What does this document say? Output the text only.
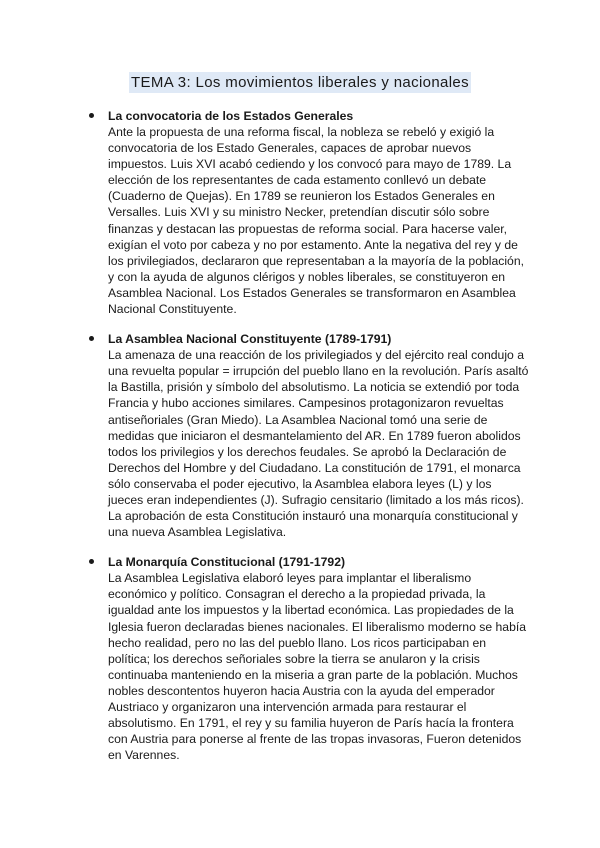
TEMA 3: Los movimientos liberales y nacionales
La convocatoria de los Estados Generales
Ante la propuesta de una reforma fiscal, la nobleza se rebeló y exigió la
convocatoria de los Estado Generales, capaces de aprobar nuevos
impuestos. Luis XVI acabó cediendo y los convocó para mayo de 1789. La
elección de los representantes de cada estamento conllevó un debate
(Cuaderno de Quejas). En 1789 se reunieron los Estados Generales en
Versalles. Luis XVI y su ministro Necker, pretendían discutir sólo sobre
finanzas y destacan las propuestas de reforma social. Para hacerse valer,
exigían el voto por cabeza y no por estamento. Ante la negativa del rey y de
los privilegiados, declararon que representaban a la mayoría de la población,
y con la ayuda de algunos clérigos y nobles liberales, se constituyeron en
Asamblea Nacional. Los Estados Generales se transformaron en Asamblea
Nacional Constituyente.
La Asamblea Nacional Constituyente (1789-1791)
La amenaza de una reacción de los privilegiados y del ejército real condujo a
una revuelta popular = irrupción del pueblo llano en la revolución. París asaltó
la Bastilla, prisión y símbolo del absolutismo. La noticia se extendió por toda
Francia y hubo acciones similares. Campesinos protagonizaron revueltas
antiseñoriales (Gran Miedo). La Asamblea Nacional tomó una serie de
medidas que iniciaron el desmantelamiento del AR. En 1789 fueron abolidos
todos los privilegios y los derechos feudales. Se aprobó la Declaración de
Derechos del Hombre y del Ciudadano. La constitución de 1791, el monarca
sólo conservaba el poder ejecutivo, la Asamblea elabora leyes (L) y los
jueces eran independientes (J). Sufragio censitario (limitado a los más ricos).
La aprobación de esta Constitución instauró una monarquía constitucional y
una nueva Asamblea Legislativa.
La Monarquía Constitucional (1791-1792)
La Asamblea Legislativa elaboró leyes para implantar el liberalismo
económico y político. Consagran el derecho a la propiedad privada, la
igualdad ante los impuestos y la libertad económica. Las propiedades de la
Iglesia fueron declaradas bienes nacionales. El liberalismo moderno se había
hecho realidad, pero no las del pueblo llano. Los ricos participaban en
política; los derechos señoriales sobre la tierra se anularon y la crisis
continuaba manteniendo en la miseria a gran parte de la población. Muchos
nobles descontentos huyeron hacia Austria con la ayuda del emperador
Austriaco y organizaron una intervención armada para restaurar el
absolutismo. En 1791, el rey y su familia huyeron de París hacía la frontera
con Austria para ponerse al frente de las tropas invasoras, Fueron detenidos
en Varennes.
